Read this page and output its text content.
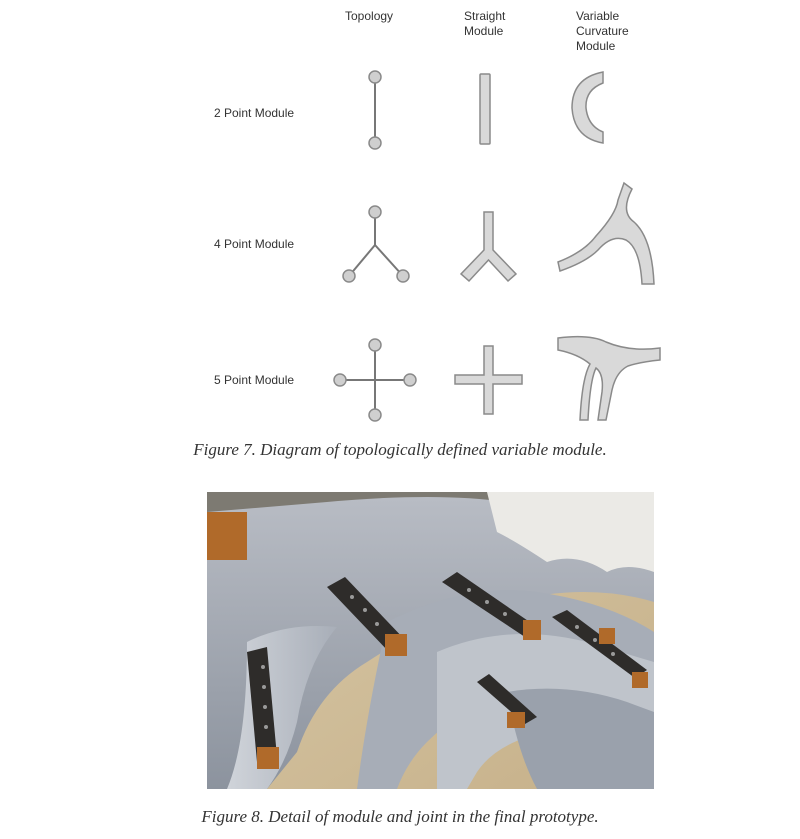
Topology	Straight
Module
Variable
Curvature
Module
2 Point Module
4 Point Module
5 Point Module
Figure 7. Diagram of topologically defined variable module.
Figure 8. Detail of module and joint in the final prototype.
